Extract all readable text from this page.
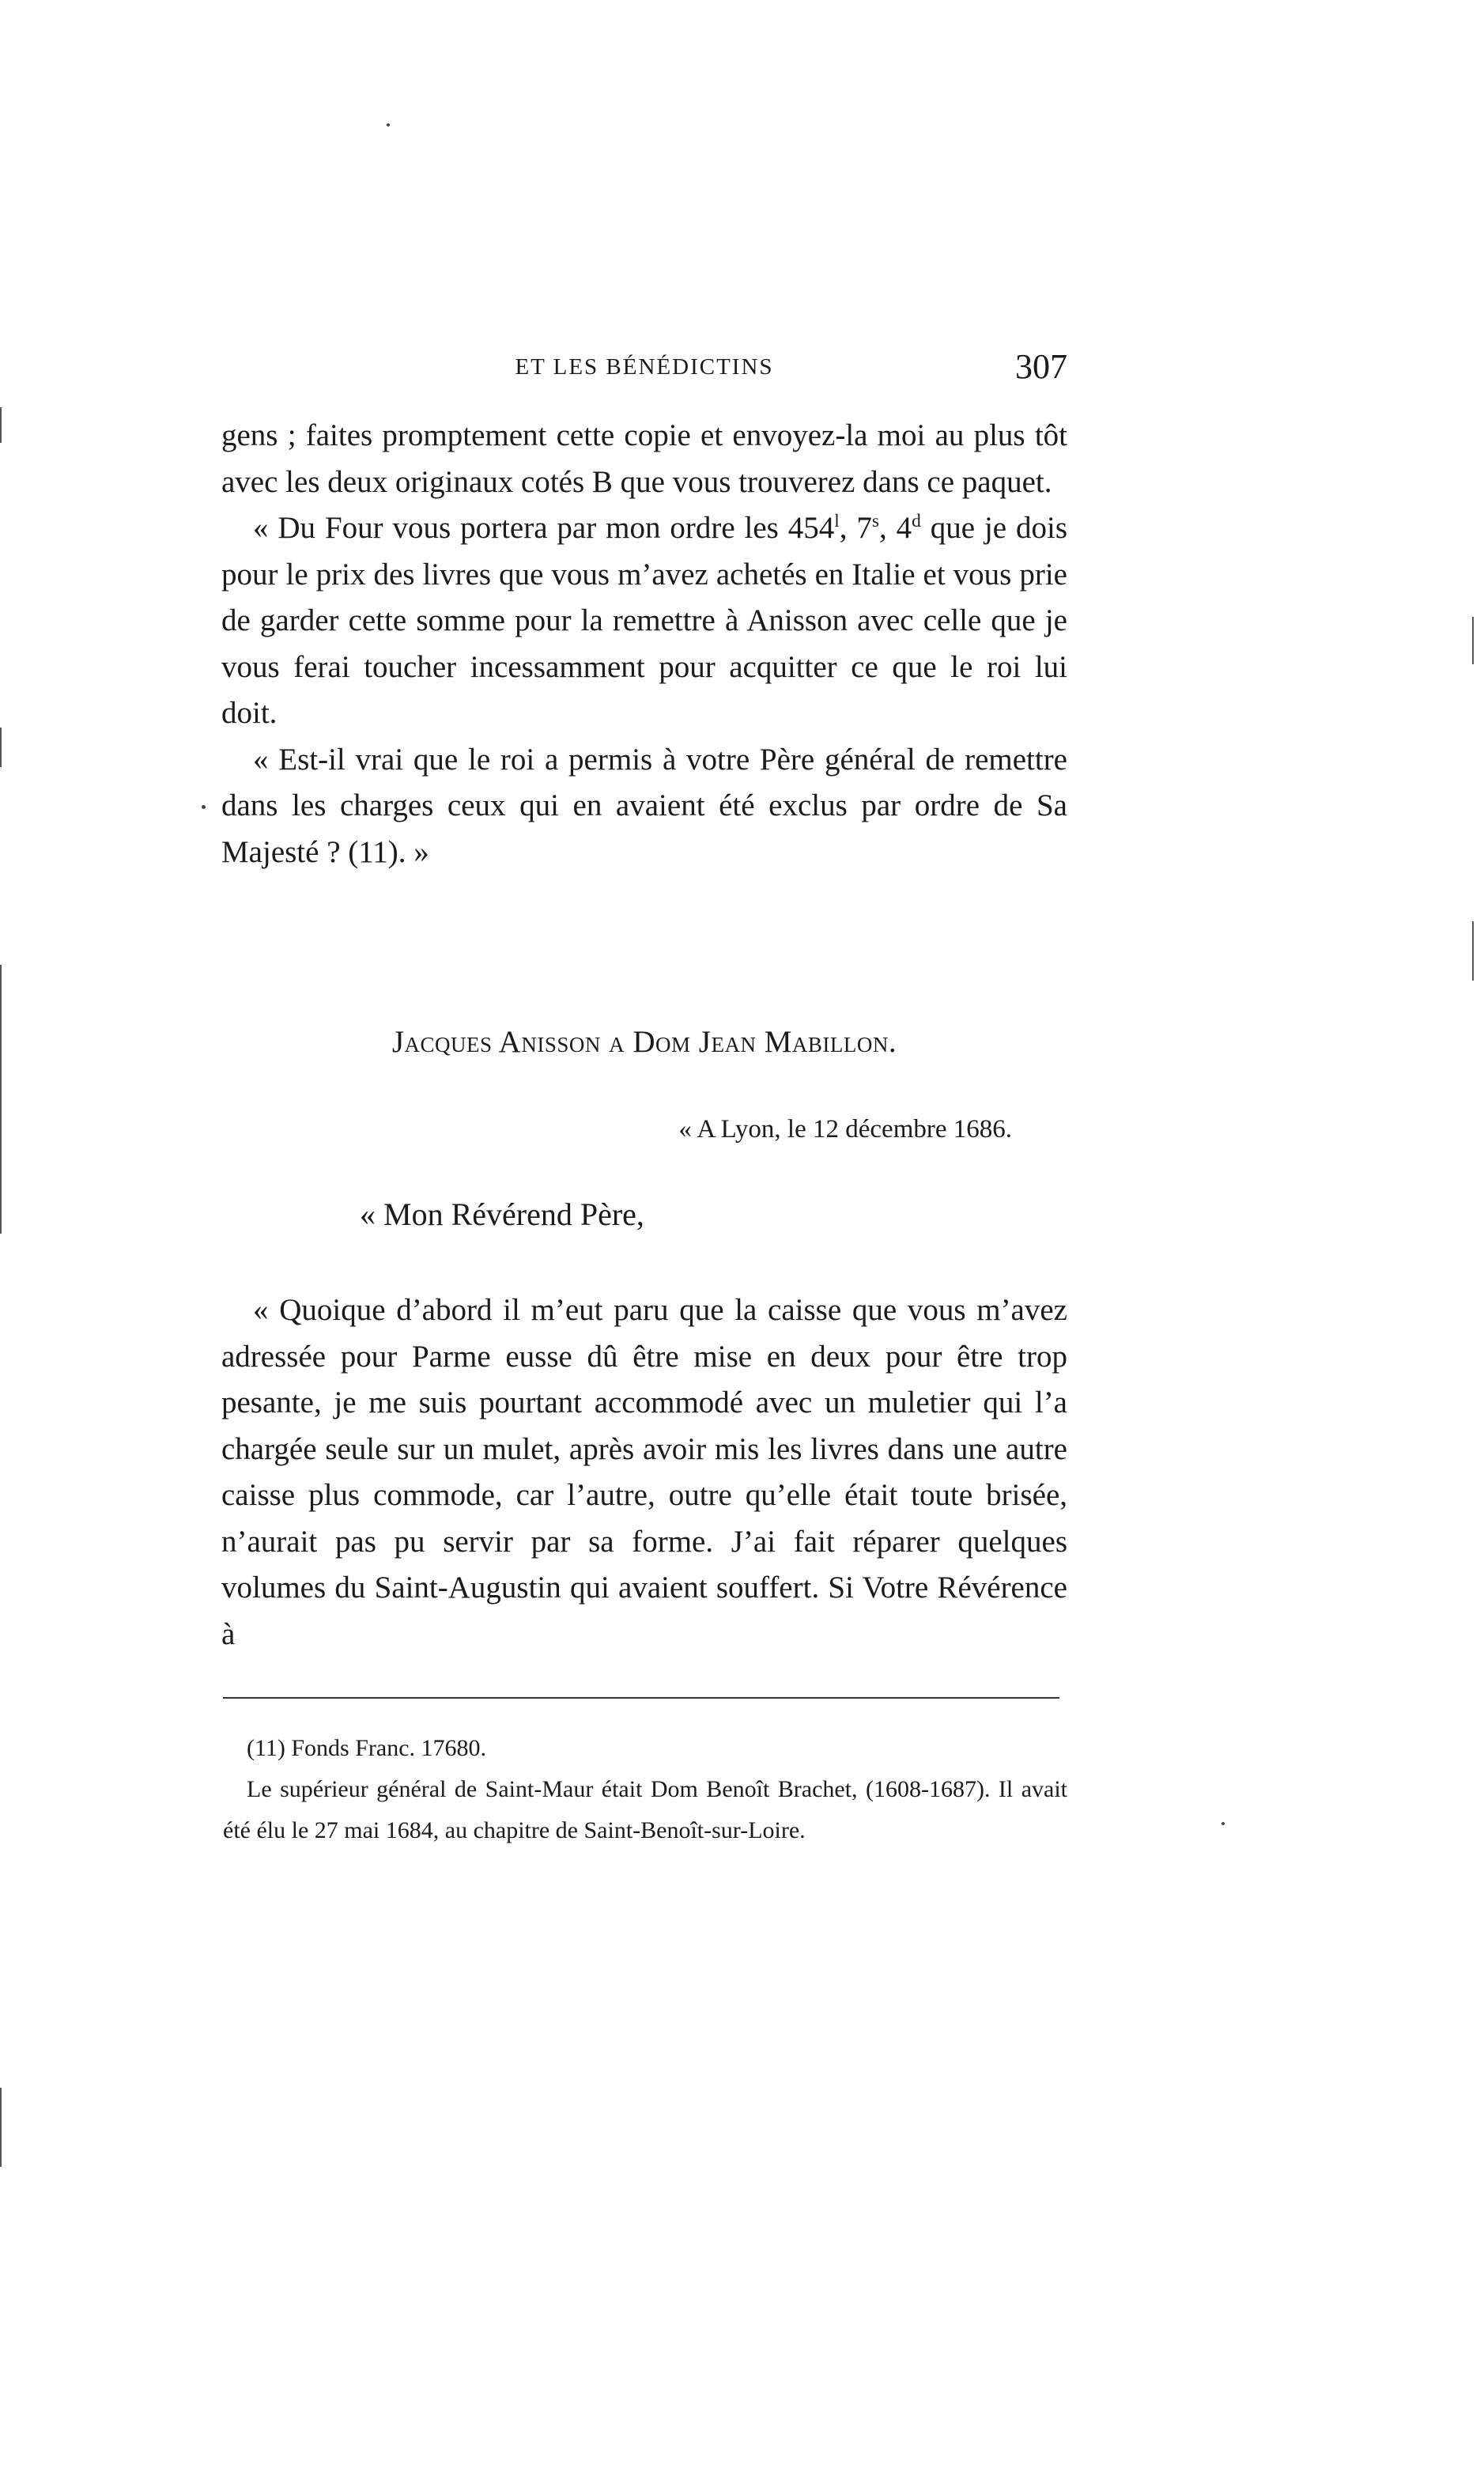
ET LES BÉNÉDICTINS	307

gens ; faites promptement cette copie et envoyez-la moi au plus tôt avec les deux originaux cotés B que vous trouverez dans ce paquet.

« Du Four vous portera par mon ordre les 454$^l$, 7$^s$, 4$^d$ que je dois pour le prix des livres que vous m’avez achetés en Italie et vous prie de garder cette somme pour la remettre à Anisson avec celle que je vous ferai toucher incessamment pour acquitter ce que le roi lui doit.

« Est-il vrai que le roi a permis à votre Père général de remettre dans les charges ceux qui en avaient été exclus par ordre de Sa Majesté ? (11). »

Jacques Anisson a Dom Jean Mabillon.
« A Lyon, le 12 décembre 1686.
« Mon Révérend Père,

« Quoique d’abord il m’eut paru que la caisse que vous m’avez adressée pour Parme eusse dû être mise en deux pour être trop pesante, je me suis pourtant accommodé avec un muletier qui l’a chargée seule sur un mulet, après avoir mis les livres dans une autre caisse plus commode, car l’autre, outre qu’elle était toute brisée, n’aurait pas pu servir par sa forme. J’ai fait réparer quelques volumes du Saint-Augustin qui avaient souffert. Si Votre Révérence à

(11) Fonds Franc. 17680.

Le supérieur général de Saint-Maur était Dom Benoît Brachet, (1608-1687). Il avait été élu le 27 mai 1684, au chapitre de Saint-Benoît-sur-Loire.
